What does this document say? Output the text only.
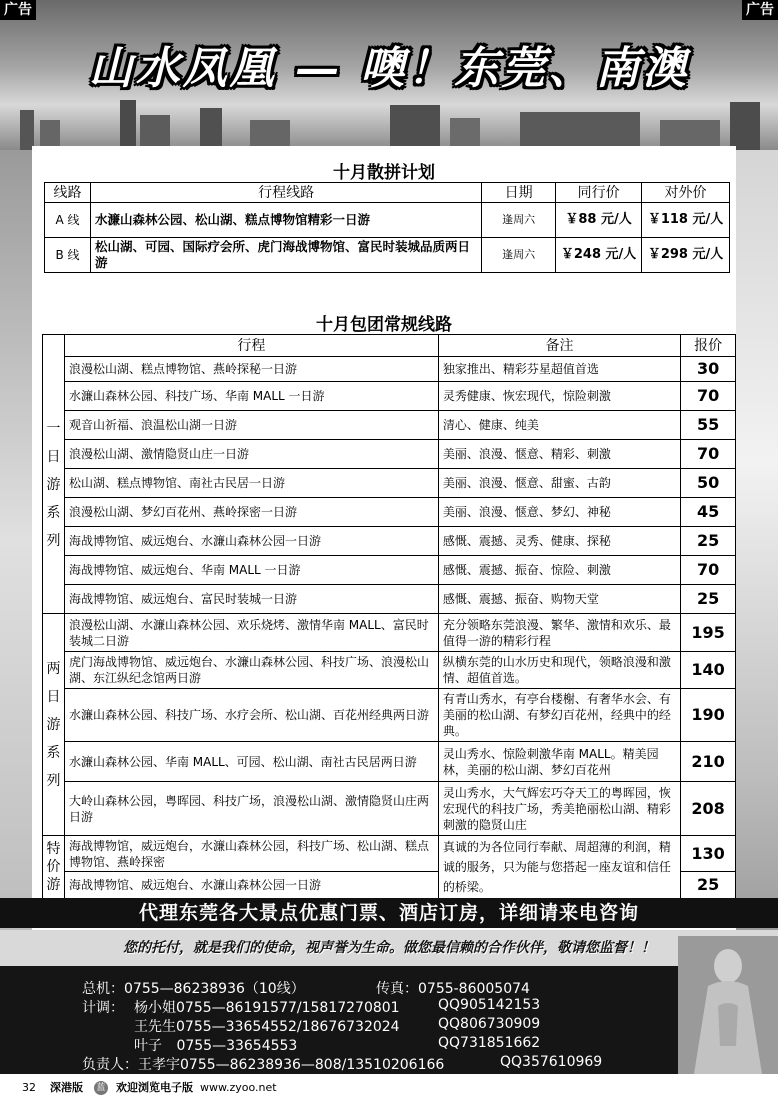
山水凤凰 — 噢！东莞、南澳
广告	广告
十月散拼计划
线路	行程线路	日期	同行价	对外价
A 线	水濂山森林公园、松山湖、糕点博物馆精彩一日游	逢周六	￥88 元/人	￥118 元/人
B 线	松山湖、可园、国际疗会所、虎门海战博物馆、富民时装城品质两日游	逢周六	￥248 元/人	￥298 元/人
十月包团常规线路
	行程	备注	报价
一日游系列	浪漫松山湖、糕点博物馆、燕岭探秘一日游	独家推出、精彩芬星超值首选	30
	水濂山森林公园、科技广场、华南 MALL 一日游	灵秀健康、恢宏现代，惊险刺激	70
	观音山祈福、浪温松山湖一日游	清心、健康、纯美	55
	浪漫松山湖、激情隐贤山庄一日游	美丽、浪漫、惬意、精彩、刺激	70
	松山湖、糕点博物馆、南社古民居一日游	美丽、浪漫、惬意、甜蜜、古韵	50
	浪漫松山湖、梦幻百花州、燕岭探密一日游	美丽、浪漫、惬意、梦幻、神秘	45
	海战博物馆、威远炮台、水濂山森林公园一日游	感慨、震撼、灵秀、健康、探秘	25
	海战博物馆、威远炮台、华南 MALL 一日游	感慨、震撼、振奋、惊险、刺激	70
	海战博物馆、威远炮台、富民时装城一日游	感慨、震撼、振奋、购物天堂	25
两日游系列	浪漫松山湖、水濂山森林公园、欢乐烧烤、激情华南 MALL、富民时装城二日游	充分领略东莞浪漫、繁华、激情和欢乐、最值得一游的精彩行程	195
	虎门海战博物馆、威远炮台、水濂山森林公园、科技广场、浪漫松山湖、东江纵纪念馆两日游	纵横东莞的山水历史和现代，领略浪漫和激情、超值首选。	140
	水濂山森林公园、科技广场、水疗会所、松山湖、百花州经典两日游	有青山秀水，有亭台楼榭、有奢华水会、有美丽的松山湖、有梦幻百花州，经典中的经典。	190
	水濂山森林公园、华南 MALL、可园、松山湖、南社古民居两日游	灵山秀水、惊险刺激华南 MALL。精美园林，美丽的松山湖、梦幻百花州	210
	大岭山森林公园，粤晖园、科技广场，浪漫松山湖、激情隐贤山庄两日游	灵山秀水，大气辉宏巧夺天工的粤晖园，恢宏现代的科技广场，秀美艳丽松山湖、精彩刺激的隐贤山庄	208
特价游	海战博物馆，威远炮台，水濂山森林公园，科技广场、松山湖、糕点博物馆、燕岭探密	真诚的为各位同行奉献、周超薄的利润，精诚的服务，只为能与您搭起一座友谊和信任的桥梁。	130
	海战博物馆、威远炮台、水濂山森林公园一日游		25
代理东莞各大景点优惠门票、酒店订房，详细请来电咨询
您的托付，就是我们的使命，视声誉为生命。做您最信赖的合作伙伴，敬请您监督！！
总机：0755—86238936（10线）	传真：0755-86005074
计调： 杨小姐0755—86191577/15817270801	QQ905142153
王先生0755—33654552/18676732024	QQ806730909
叶子 0755—33654553	QQ731851662
负责人：王孝宇0755—86238936—808/13510206166	QQ357610969
32 深港版 蓝 欢迎浏览电子版 www.zyoo.net
